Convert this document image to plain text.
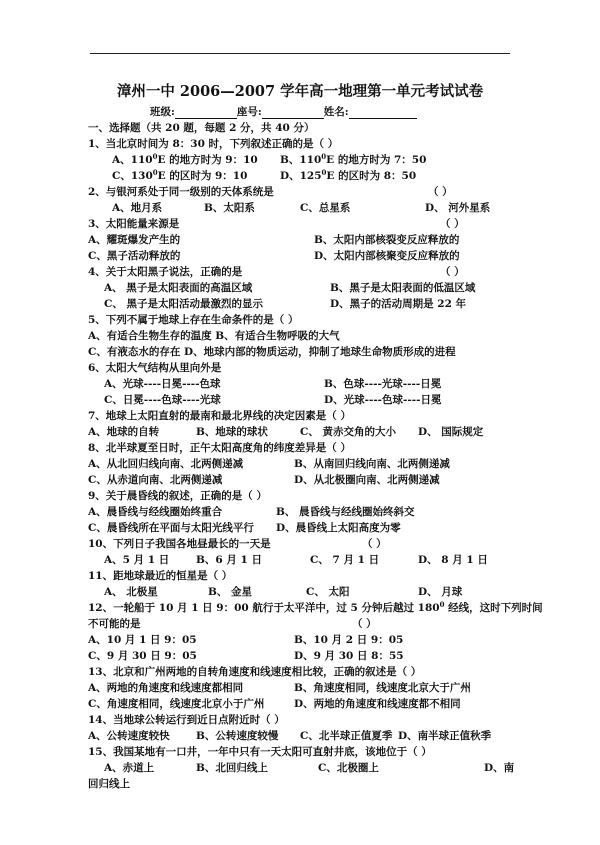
漳州一中 2006—2007 学年高一地理第一单元考试试卷
班级:	座号:	姓名:
一、选择题（共 20 题，每题 2 分，共 40 分）
1、当北京时间为 8：30 时，下列叙述正确的是（ ）
A、$110^0E$ 的地方时为 9：10 B、$110^0E$ 的地方时为 7：50
C、$130^0E$ 的区时为 9：10	D、$125^0E$ 的区时为 8：50
2、与银河系处于同一级别的天体系统是	（ ）
A、地月系	B、太阳系	C、总星系	D、 河外星系
3、太阳能量来源是	（ ）
A、耀斑爆发产生的	B、太阳内部核裂变反应释放的
C、黑子活动释放的	D、太阳内部核聚变反应释放的
4、关于太阳黑子说法，正确的是	（ ）
A、 黑子是太阳表面的高温区域	B、黑子是太阳表面的低温区域
C、 黑子是太阳活动最激烈的显示	D、黑子的活动周期是 22 年
5、下列不属于地球上存在生命条件的是（ ）
A、有适合生物生存的温度 B、有适合生物呼吸的大气
C、有液态水的存在 D、地球内部的物质运动，抑制了地球生命物质形成的进程
6、太阳大气结构从里向外是
A、光球----日冕----色球	B、色球----光球----日冕
C、日冕----色球----光球	D、光球----色球----日冕
7、地球上太阳直射的最南和最北界线的决定因素是（ ）
A、地球的自转	B、地球的球状	C、 黄赤交角的大小 D、 国际规定
8、北半球夏至日时，正午太阳高度角的纬度差异是（ ）
A、从北回归线向南、北两侧递减	B、从南回归线向南、北两侧递减
C、从赤道向南、北两侧递减	D、从北极圈向南、北两侧递减
9、关于晨昏线的叙述，正确的是（ ）
A、晨昏线与经线圈始终重合	B、 晨昏线与经线圈始终斜交
C、晨昏线所在平面与太阳光线平行 D、晨昏线上太阳高度为零
10、下列日子我国各地昼最长的一天是	（ ）
A、5 月 1 日	B、6 月 1 日	C、 7 月 1 日	D、 8 月 1 日
11、距地球最近的恒星是（ ）
A、 北极星	B、 金星	C、 太阳	D、 月球
12、一轮船于 10 月 1 日 9：00 航行于太平洋中，过 5 分钟后越过 $180^0$ 经线，这时下列时间
不可能的是	（ ）
A、10 月 1 日 9：05	B、10 月 2 日 9：05
C、9 月 30 日 9：05	D、9 月 30 日 8：55
13、北京和广州两地的自转角速度和线速度相比较，正确的叙述是（ ）
A、两地的角速度和线速度都相同	B、角速度相同，线速度北京大于广州
C、角速度相同，线速度北京小于广州	D、两地的角速度和线速度都不相同
14、当地球公转运行到近日点附近时（ ）
A、公转速度较快	B、公转速度较慢 C、北半球正值夏季 D、南半球正值秋季
15、我国某地有一口井，一年中只有一天太阳可直射井底，该地位于（ ）
A、赤道上	B、北回归线上	C、北极圈上	D、南
回归线上
